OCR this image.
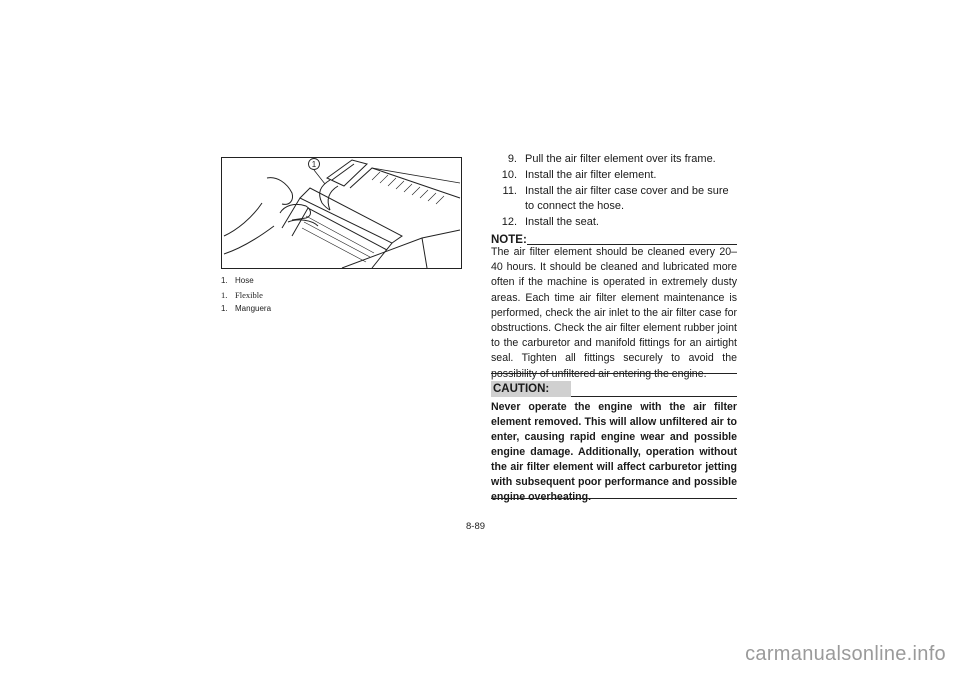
1
1. Hose
1. Flexible
1. Manguera
9. Pull the air filter element over its frame.
10. Install the air filter element.
11. Install the air filter case cover and be sure to connect the hose.
12. Install the seat.
NOTE:
The air filter element should be cleaned every 20–40 hours. It should be cleaned and lubricated more often if the machine is operated in extremely dusty areas. Each time air filter element maintenance is performed, check the air inlet to the air filter case for obstructions. Check the air filter element rubber joint to the carburetor and manifold fittings for an airtight seal. Tighten all fittings securely to avoid the possibility of unfiltered air entering the engine.
CAUTION:
Never operate the engine with the air filter element removed. This will allow unfiltered air to enter, causing rapid engine wear and possible engine damage. Additionally, operation without the air filter element will affect carburetor jetting with subsequent poor performance and possible engine overheating.
8-89
carmanualsonline.info
